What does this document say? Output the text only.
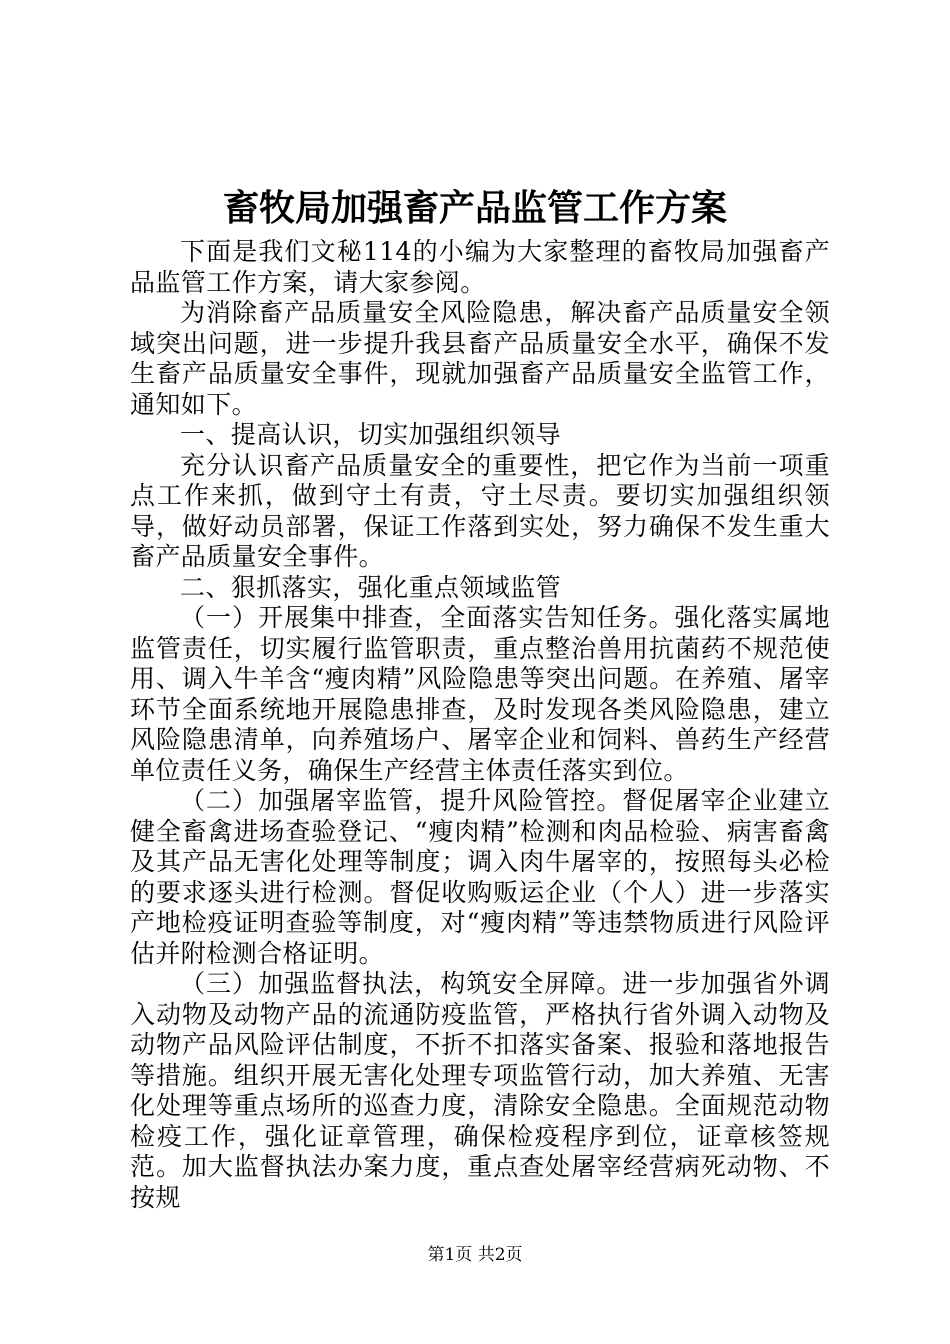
畜牧局加强畜产品监管工作方案

下面是我们文秘114的小编为大家整理的畜牧局加强畜产品监管工作方案，请大家参阅。

为消除畜产品质量安全风险隐患，解决畜产品质量安全领域突出问题，进一步提升我县畜产品质量安全水平，确保不发生畜产品质量安全事件，现就加强畜产品质量安全监管工作，通知如下。

一、提高认识，切实加强组织领导

充分认识畜产品质量安全的重要性，把它作为当前一项重点工作来抓，做到守土有责，守土尽责。要切实加强组织领导，做好动员部署，保证工作落到实处，努力确保不发生重大畜产品质量安全事件。

二、狠抓落实，强化重点领域监管

（一）开展集中排查，全面落实告知任务。强化落实属地监管责任，切实履行监管职责，重点整治兽用抗菌药不规范使用、调入牛羊含“瘦肉精”风险隐患等突出问题。在养殖、屠宰环节全面系统地开展隐患排查，及时发现各类风险隐患，建立风险隐患清单，向养殖场户、屠宰企业和饲料、兽药生产经营单位责任义务，确保生产经营主体责任落实到位。

（二）加强屠宰监管，提升风险管控。督促屠宰企业建立健全畜禽进场查验登记、“瘦肉精”检测和肉品检验、病害畜禽及其产品无害化处理等制度；调入肉牛屠宰的，按照每头必检的要求逐头进行检测。督促收购贩运企业（个人）进一步落实产地检疫证明查验等制度，对“瘦肉精”等违禁物质进行风险评估并附检测合格证明。

（三）加强监督执法，构筑安全屏障。进一步加强省外调入动物及动物产品的流通防疫监管，严格执行省外调入动物及动物产品风险评估制度，不折不扣落实备案、报验和落地报告等措施。组织开展无害化处理专项监管行动，加大养殖、无害化处理等重点场所的巡查力度，清除安全隐患。全面规范动物检疫工作，强化证章管理，确保检疫程序到位，证章核签规范。加大监督执法办案力度，重点查处屠宰经营病死动物、不按规

第1页 共2页
